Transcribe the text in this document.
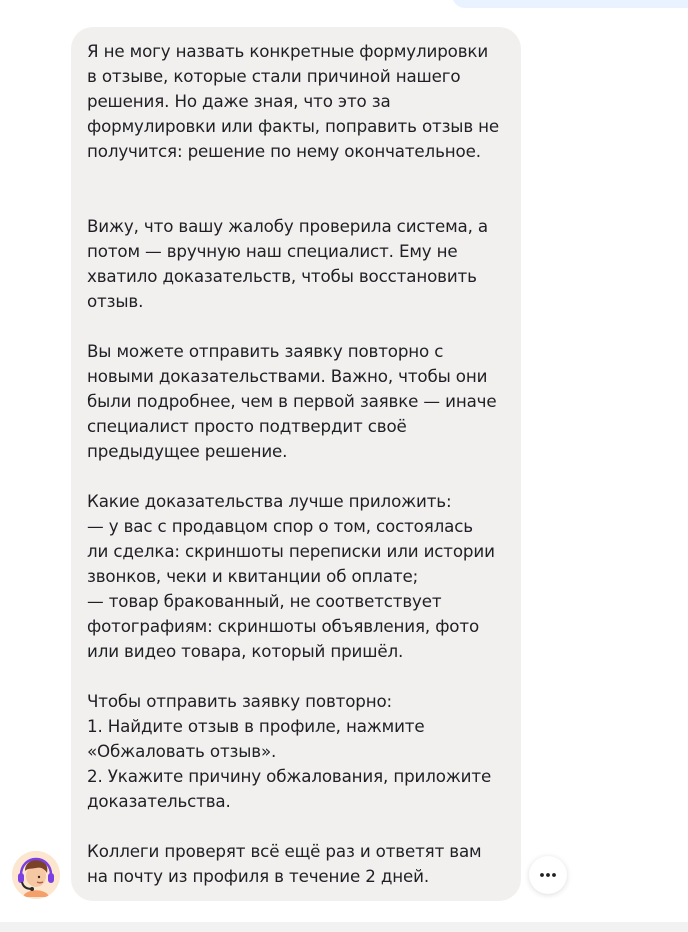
Я не могу назвать конкретные формулировки
в отзыве, которые стали причиной нашего
решения. Но даже зная, что это за
формулировки или факты, поправить отзыв не
получится: решение по нему окончательное.

Вижу, что вашу жалобу проверила система, а
потом — вручную наш специалист. Ему не
хватило доказательств, чтобы восстановить
отзыв.

Вы можете отправить заявку повторно с
новыми доказательствами. Важно, чтобы они
были подробнее, чем в первой заявке — иначе
специалист просто подтвердит своё
предыдущее решение.

Какие доказательства лучше приложить:
— у вас с продавцом спор о том, состоялась
ли сделка: скриншоты переписки или истории
звонков, чеки и квитанции об оплате;
— товар бракованный, не соответствует
фотографиям: скриншоты объявления, фото
или видео товара, который пришёл.

Чтобы отправить заявку повторно:
1. Найдите отзыв в профиле, нажмите
«Обжаловать отзыв».
2. Укажите причину обжалования, приложите
доказательства.

Коллеги проверят всё ещё раз и ответят вам
на почту из профиля в течение 2 дней.
